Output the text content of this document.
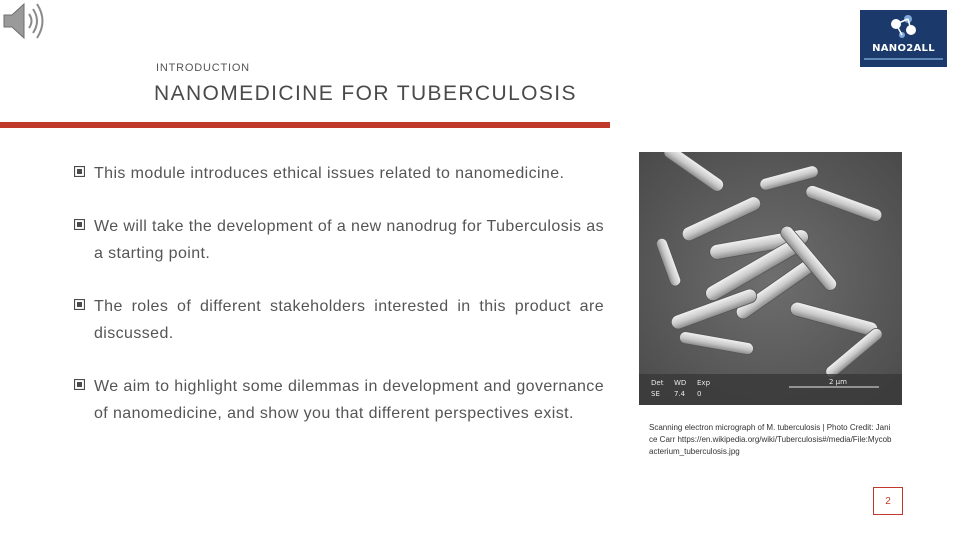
NANO2ALL
INTRODUCTION
NANOMEDICINE FOR TUBERCULOSIS
This module introduces ethical issues related to nanomedicine.
We will take the development of a new nanodrug for Tuberculosis as a starting point.
The roles of different stakeholders interested in this product are discussed.
We aim to highlight some dilemmas in development and governance of nanomedicine, and show you that different perspectives exist.
Det WD Exp
SE 7.4 0
2 μm
Scanning electron micrograph of M. tuberculosis | Photo Credit: Janice Carr https://en.wikipedia.org/wiki/Tuberculosis#/media/File:Mycobacterium_tuberculosis.jpg
2
